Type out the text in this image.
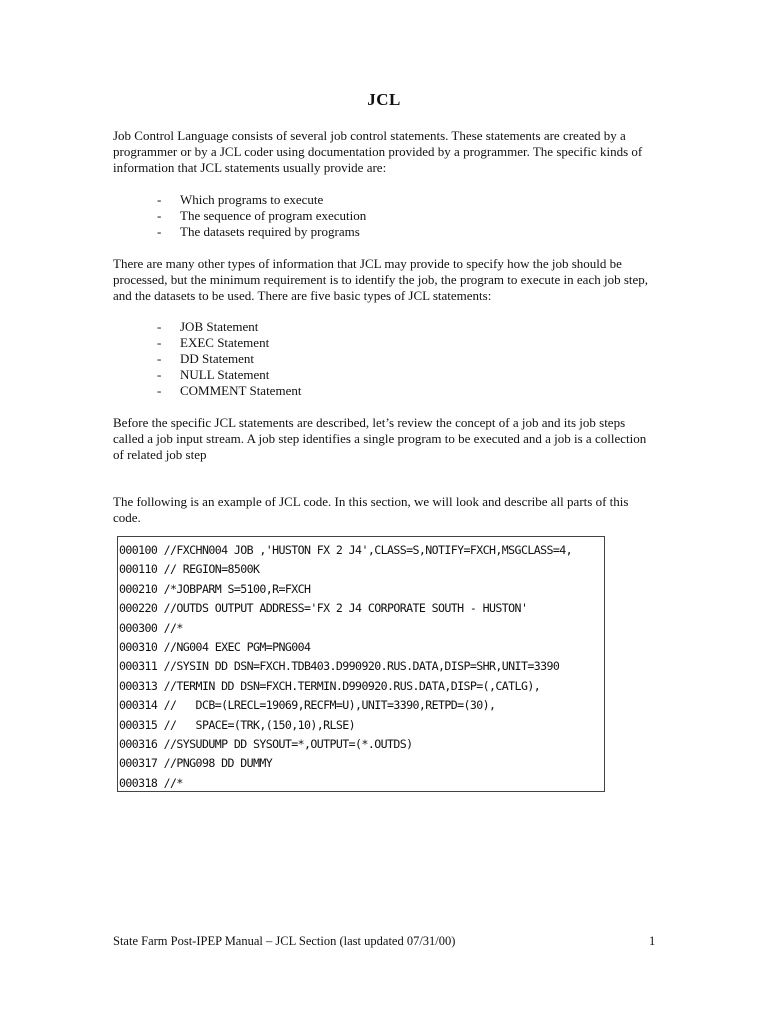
JCL

Job Control Language consists of several job control statements. These statements are created by a programmer or by a JCL coder using documentation provided by a programmer. The specific kinds of information that JCL statements usually provide are:

-	Which programs to execute
-	The sequence of program execution
-	The datasets required by programs

There are many other types of information that JCL may provide to specify how the job should be processed, but the minimum requirement is to identify the job, the program to execute in each job step, and the datasets to be used. There are five basic types of JCL statements:

-	JOB Statement
-	EXEC Statement
-	DD Statement
-	NULL Statement
-	COMMENT Statement

Before the specific JCL statements are described, let’s review the concept of a job and its job steps called a job input stream. A job step identifies a single program to be executed and a job is a collection of related job step

The following is an example of JCL code. In this section, we will look and describe all parts of this code.

000100 //FXCHN004 JOB ,'HUSTON FX 2 J4',CLASS=S,NOTIFY=FXCH,MSGCLASS=4,
000110 // REGION=8500K
000210 /*JOBPARM S=5100,R=FXCH
000220 //OUTDS OUTPUT ADDRESS='FX 2 J4 CORPORATE SOUTH - HUSTON'
000300 //*
000310 //NG004 EXEC PGM=PNG004
000311 //SYSIN DD DSN=FXCH.TDB403.D990920.RUS.DATA,DISP=SHR,UNIT=3390
000313 //TERMIN DD DSN=FXCH.TERMIN.D990920.RUS.DATA,DISP=(,CATLG),
000314 //   DCB=(LRECL=19069,RECFM=U),UNIT=3390,RETPD=(30),
000315 //   SPACE=(TRK,(150,10),RLSE)
000316 //SYSUDUMP DD SYSOUT=*,OUTPUT=(*.OUTDS)
000317 //PNG098 DD DUMMY
000318 //*
State Farm Post-IPEP Manual – JCL Section (last updated 07/31/00)	1
